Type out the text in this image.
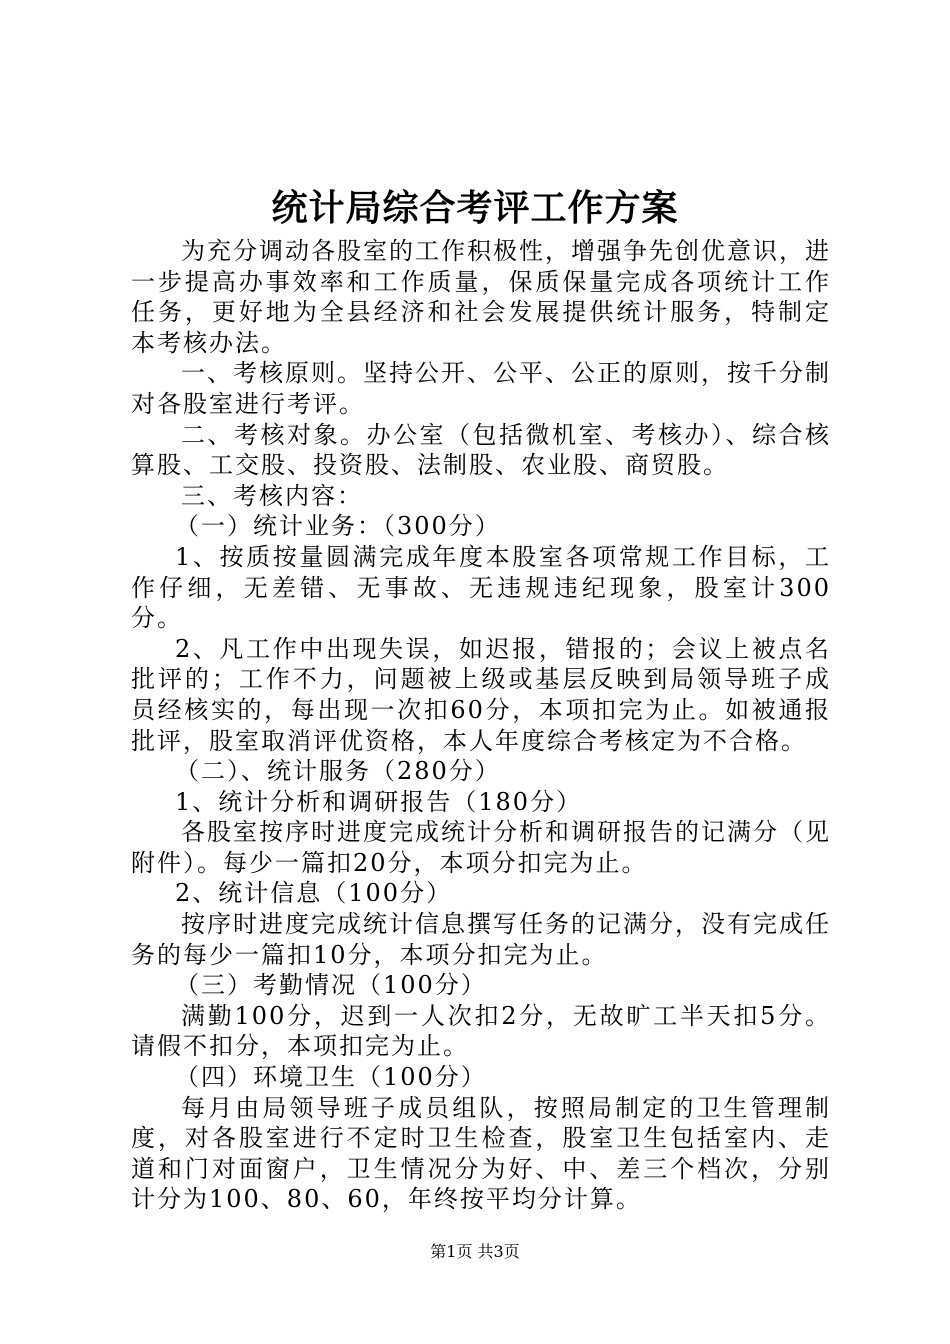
统计局综合考评工作方案

为充分调动各股室的工作积极性，增强争先创优意识，进一步提高办事效率和工作质量，保质保量完成各项统计工作任务，更好地为全县经济和社会发展提供统计服务，特制定本考核办法。

一、考核原则。坚持公开、公平、公正的原则，按千分制对各股室进行考评。

二、考核对象。办公室（包括微机室、考核办）、综合核算股、工交股、投资股、法制股、农业股、商贸股。

三、考核内容：

（一）统计业务：（300分）

1、按质按量圆满完成年度本股室各项常规工作目标，工作仔细，无差错、无事故、无违规违纪现象，股室计300分。

2、凡工作中出现失误，如迟报，错报的；会议上被点名批评的；工作不力，问题被上级或基层反映到局领导班子成员经核实的，每出现一次扣60分，本项扣完为止。如被通报批评，股室取消评优资格，本人年度综合考核定为不合格。

（二）、统计服务（280分）

1、统计分析和调研报告（180分）

各股室按序时进度完成统计分析和调研报告的记满分（见附件）。每少一篇扣20分，本项分扣完为止。

2、统计信息（100分）

按序时进度完成统计信息撰写任务的记满分，没有完成任务的每少一篇扣10分，本项分扣完为止。

（三）考勤情况（100分）

满勤100分，迟到一人次扣2分，无故旷工半天扣5分。请假不扣分，本项扣完为止。

（四）环境卫生（100分）

每月由局领导班子成员组队，按照局制定的卫生管理制度，对各股室进行不定时卫生检查，股室卫生包括室内、走道和门对面窗户，卫生情况分为好、中、差三个档次，分别计分为100、80、60，年终按平均分计算。

第1页 共3页
